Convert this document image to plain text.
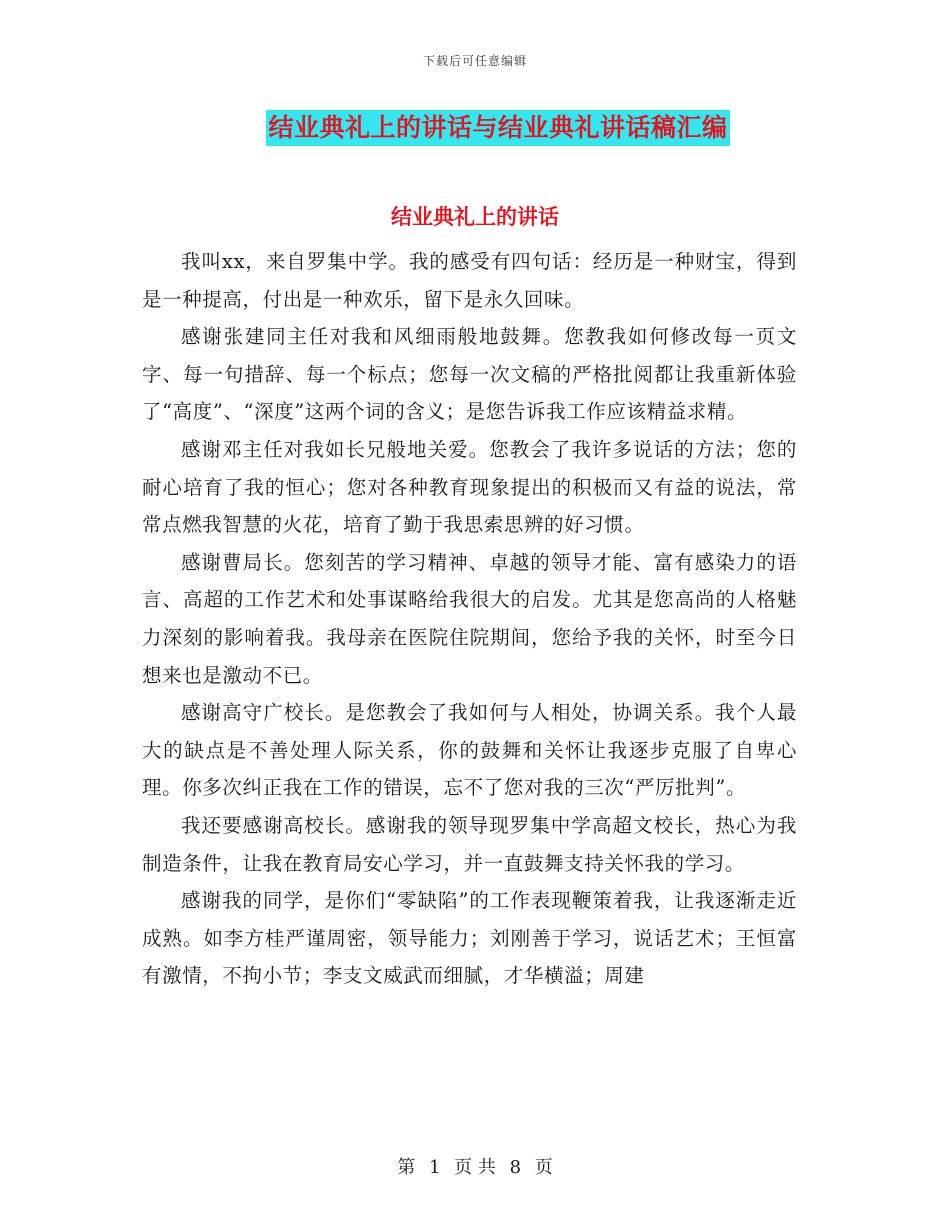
下载后可任意编辑
结业典礼上的讲话与结业典礼讲话稿汇编
结业典礼上的讲话

我叫xx，来自罗集中学。我的感受有四句话：经历是一种财宝，得到是一种提高，付出是一种欢乐，留下是永久回味。

感谢张建同主任对我和风细雨般地鼓舞。您教我如何修改每一页文字、每一句措辞、每一个标点；您每一次文稿的严格批阅都让我重新体验了“高度”、“深度”这两个词的含义；是您告诉我工作应该精益求精。

感谢邓主任对我如长兄般地关爱。您教会了我许多说话的方法；您的耐心培育了我的恒心；您对各种教育现象提出的积极而又有益的说法，常常点燃我智慧的火花，培育了勤于我思索思辨的好习惯。

感谢曹局长。您刻苦的学习精神、卓越的领导才能、富有感染力的语言、高超的工作艺术和处事谋略给我很大的启发。尤其是您高尚的人格魅力深刻的影响着我。我母亲在医院住院期间，您给予我的关怀，时至今日想来也是激动不已。

感谢高守广校长。是您教会了我如何与人相处，协调关系。我个人最大的缺点是不善处理人际关系，你的鼓舞和关怀让我逐步克服了自卑心理。你多次纠正我在工作的错误，忘不了您对我的三次“严厉批判”。

我还要感谢高校长。感谢我的领导现罗集中学高超文校长，热心为我制造条件，让我在教育局安心学习，并一直鼓舞支持关怀我的学习。

感谢我的同学，是你们“零缺陷”的工作表现鞭策着我，让我逐渐走近成熟。如李方桂严谨周密，领导能力；刘刚善于学习，说话艺术；王恒富有激情，不拘小节；李支文威武而细腻，才华横溢；周建

第 1 页 共 8 页
